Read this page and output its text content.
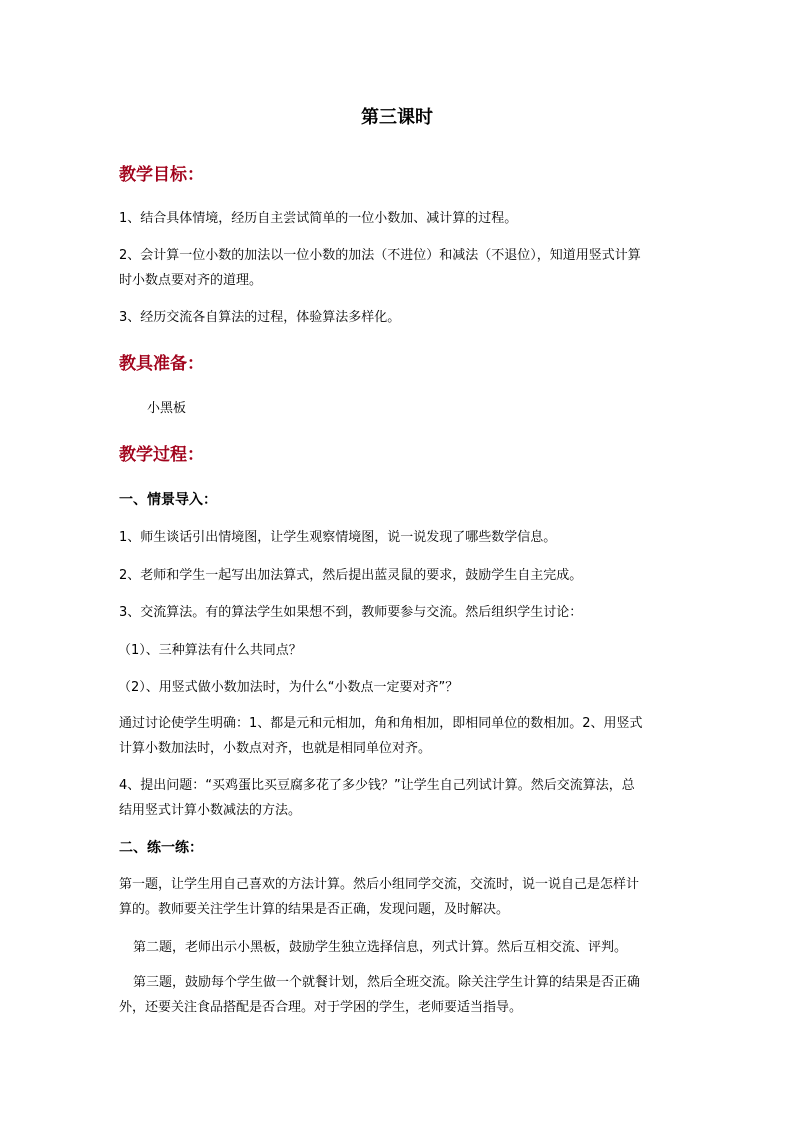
第三课时
教学目标：
1、结合具体情境，经历自主尝试简单的一位小数加、减计算的过程。
2、会计算一位小数的加法以一位小数的加法（不进位）和减法（不退位），知道用竖式计算
时小数点要对齐的道理。
3、经历交流各自算法的过程，体验算法多样化。
教具准备：
小黑板
教学过程：
一、情景导入：
1、师生谈话引出情境图，让学生观察情境图，说一说发现了哪些数学信息。
2、老师和学生一起写出加法算式，然后提出蓝灵鼠的要求，鼓励学生自主完成。
3、交流算法。有的算法学生如果想不到，教师要参与交流。然后组织学生讨论：
（1）、三种算法有什么共同点？
（2）、用竖式做小数加法时，为什么“小数点一定要对齐”？
通过讨论使学生明确：1、都是元和元相加，角和角相加，即相同单位的数相加。2、用竖式
计算小数加法时，小数点对齐，也就是相同单位对齐。
4、提出问题：“买鸡蛋比买豆腐多花了多少钱？”让学生自己列试计算。然后交流算法，总
结用竖式计算小数减法的方法。
二、练一练：
第一题，让学生用自己喜欢的方法计算。然后小组同学交流，交流时，说一说自己是怎样计
算的。教师要关注学生计算的结果是否正确，发现问题，及时解决。
第二题，老师出示小黑板，鼓励学生独立选择信息，列式计算。然后互相交流、评判。
第三题，鼓励每个学生做一个就餐计划，然后全班交流。除关注学生计算的结果是否正确
外，还要关注食品搭配是否合理。对于学困的学生，老师要适当指导。
